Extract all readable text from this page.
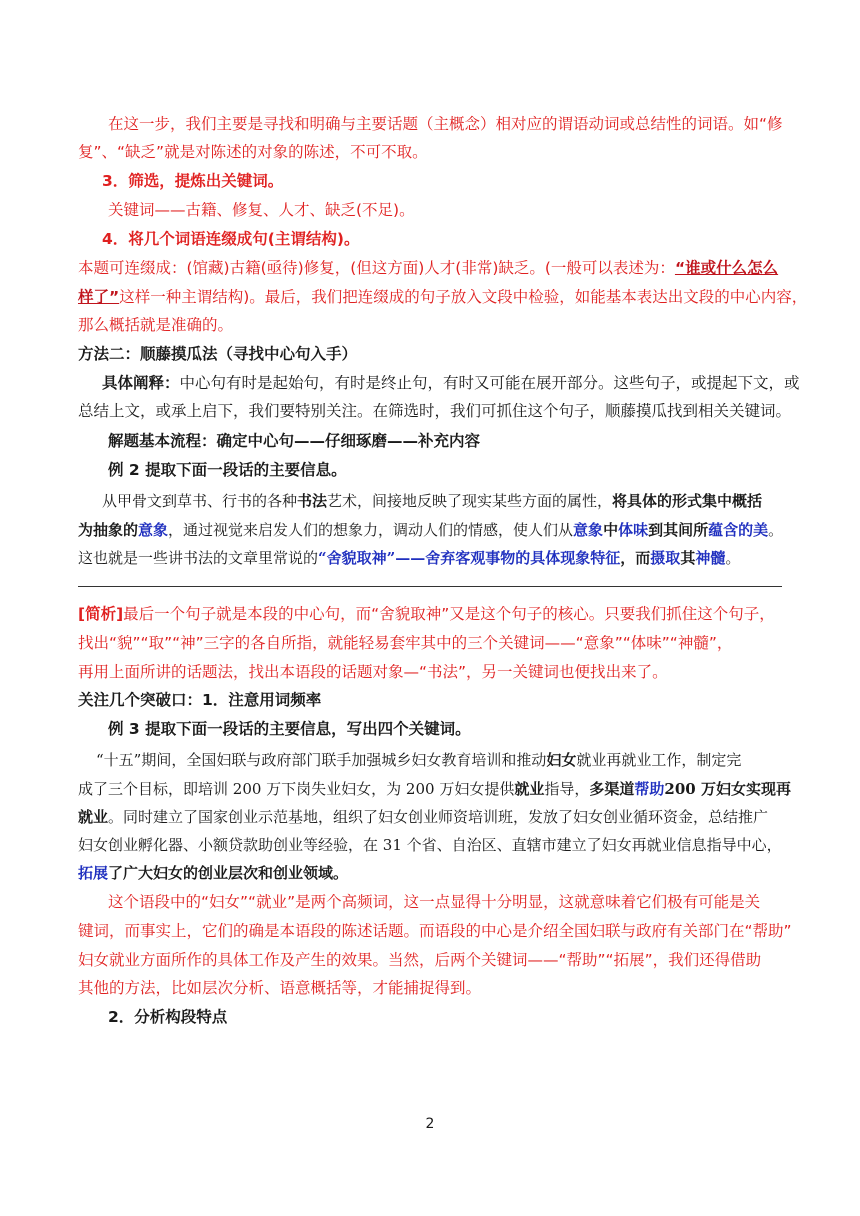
在这一步，我们主要是寻找和明确与主要话题（主概念）相对应的谓语动词或总结性的词语。如“修
复”、“缺乏”就是对陈述的对象的陈述，不可不取。
3．筛选，提炼出关键词。
关键词——古籍、修复、人才、缺乏(不足)。
4．将几个词语连缀成句(主谓结构)。
本题可连缀成：(馆藏)古籍(亟待)修复，(但这方面)人才(非常)缺乏。(一般可以表述为：“谁或什么怎么
样了”这样一种主谓结构)。最后，我们把连缀成的句子放入文段中检验，如能基本表达出文段的中心内容，
那么概括就是准确的。
方法二：顺藤摸瓜法（寻找中心句入手）
具体阐释：中心句有时是起始句，有时是终止句，有时又可能在展开部分。这些句子，或提起下文，或
总结上文，或承上启下，我们要特别关注。在筛选时，我们可抓住这个句子，顺藤摸瓜找到相关关键词。
解题基本流程：确定中心句——仔细琢磨——补充内容
例 2 提取下面一段话的主要信息。
从甲骨文到草书、行书的各种书法艺术，间接地反映了现实某些方面的属性，将具体的形式集中概括
为抽象的意象，通过视觉来启发人们的想象力，调动人们的情感，使人们从意象中体味到其间所蕴含的美。
这也就是一些讲书法的文章里常说的“舍貌取神”——舍弃客观事物的具体现象特征，而摄取其神髓。
[简析]最后一个句子就是本段的中心句，而“舍貌取神”又是这个句子的核心。只要我们抓住这个句子，
找出“貌”“取”“神”三字的各自所指，就能轻易套牢其中的三个关键词——“意象”“体味”“神髓”，
再用上面所讲的话题法，找出本语段的话题对象—“书法”，另一关键词也便找出来了。
关注几个突破口：1．注意用词频率
例 3 提取下面一段话的主要信息，写出四个关键词。
“十五”期间，全国妇联与政府部门联手加强城乡妇女教育培训和推动妇女就业再就业工作，制定完
成了三个目标，即培训 200 万下岗失业妇女，为 200 万妇女提供就业指导，多渠道帮助200 万妇女实现再
就业。同时建立了国家创业示范基地，组织了妇女创业师资培训班，发放了妇女创业循环资金，总结推广
妇女创业孵化器、小额贷款助创业等经验，在 31 个省、自治区、直辖市建立了妇女再就业信息指导中心，
拓展了广大妇女的创业层次和创业领域。
这个语段中的“妇女”“就业”是两个高频词，这一点显得十分明显，这就意味着它们极有可能是关
键词，而事实上，它们的确是本语段的陈述话题。而语段的中心是介绍全国妇联与政府有关部门在“帮助”
妇女就业方面所作的具体工作及产生的效果。当然，后两个关键词——“帮助”“拓展”，我们还得借助
其他的方法，比如层次分析、语意概括等，才能捕捉得到。
2．分析构段特点
2
